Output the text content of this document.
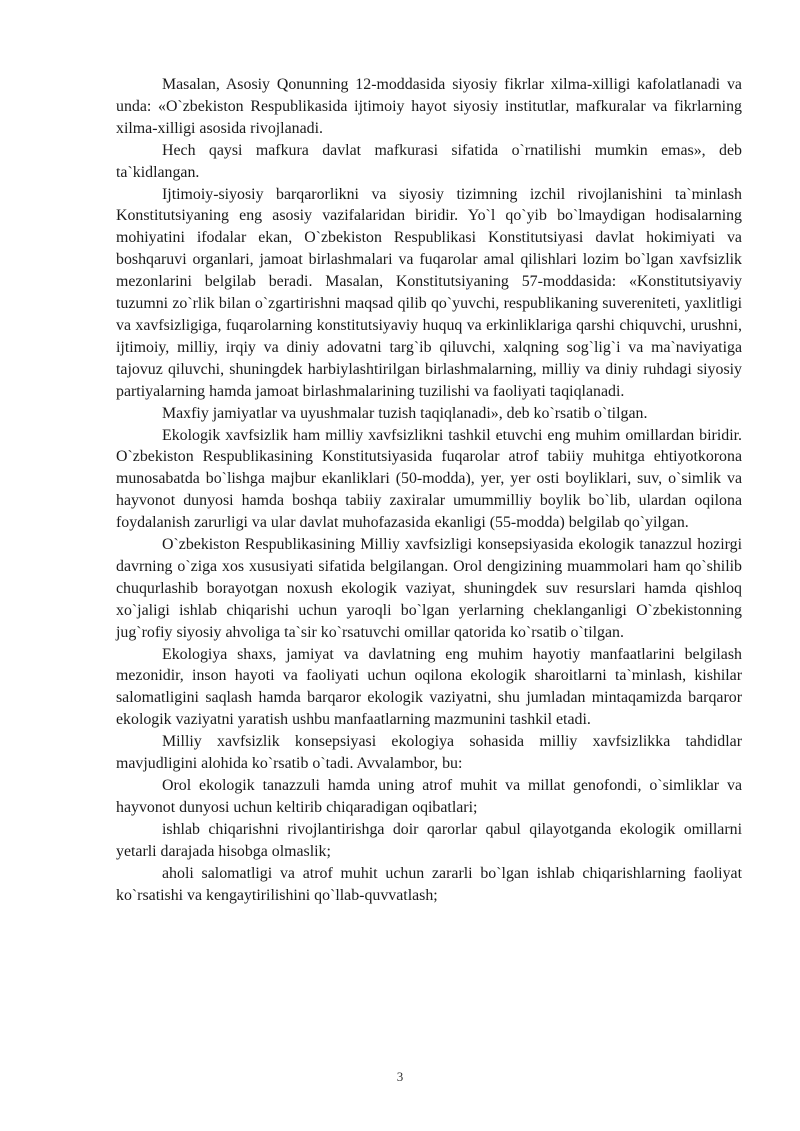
Masalan, Asosiy Qonunning 12-moddasida siyosiy fikrlar xilma-xilligi kafolatlanadi va unda: «O`zbekiston Respublikasida ijtimoiy hayot siyosiy institutlar, mafkuralar va fikrlarning xilma-xilligi asosida rivojlanadi.

Hech qaysi mafkura davlat mafkurasi sifatida o`rnatilishi mumkin emas», deb ta`kidlangan.

Ijtimoiy-siyosiy barqarorlikni va siyosiy tizimning izchil rivojlanishini ta`minlash Konstitutsiyaning eng asosiy vazifalaridan biridir. Yo`l qo`yib bo`lmaydigan hodisalarning mohiyatini ifodalar ekan, O`zbekiston Respublikasi Konstitutsiyasi davlat hokimiyati va boshqaruvi organlari, jamoat birlashmalari va fuqarolar amal qilishlari lozim bo`lgan xavfsizlik mezonlarini belgilab beradi. Masalan, Konstitutsiyaning 57-moddasida: «Konstitutsiyaviy tuzumni zo`rlik bilan o`zgartirishni maqsad qilib qo`yuvchi, respublikaning suvereniteti, yaxlitligi va xavfsizligiga, fuqarolarning konstitutsiyaviy huquq va erkinliklariga qarshi chiquvchi, urushni, ijtimoiy, milliy, irqiy va diniy adovatni targ`ib qiluvchi, xalqning sog`lig`i va ma`naviyatiga tajovuz qiluvchi, shuningdek harbiylashtirilgan birlashmalarning, milliy va diniy ruhdagi siyosiy partiyalarning hamda jamoat birlashmalarining tuzilishi va faoliyati taqiqlanadi.

Maxfiy jamiyatlar va uyushmalar tuzish taqiqlanadi», deb ko`rsatib o`tilgan.

Ekologik xavfsizlik ham milliy xavfsizlikni tashkil etuvchi eng muhim omillardan biridir. O`zbekiston Respublikasining Konstitutsiyasida fuqarolar atrof tabiiy muhitga ehtiyotkorona munosabatda bo`lishga majbur ekanliklari (50-modda), yer, yer osti boyliklari, suv, o`simlik va hayvonot dunyosi hamda boshqa tabiiy zaxiralar umummilliy boylik bo`lib, ulardan oqilona foydalanish zarurligi va ular davlat muhofazasida ekanligi (55-modda) belgilab qo`yilgan.

O`zbekiston Respublikasining Milliy xavfsizligi konsepsiyasida ekologik tanazzul hozirgi davrning o`ziga xos xususiyati sifatida belgilangan. Orol dengizining muammolari ham qo`shilib chuqurlashib borayotgan noxush ekologik vaziyat, shuningdek suv resurslari hamda qishloq xo`jaligi ishlab chiqarishi uchun yaroqli bo`lgan yerlarning cheklanganligi O`zbekistonning jug`rofiy siyosiy ahvoliga ta`sir ko`rsatuvchi omillar qatorida ko`rsatib o`tilgan.

Ekologiya shaxs, jamiyat va davlatning eng muhim hayotiy manfaatlarini belgilash mezonidir, inson hayoti va faoliyati uchun oqilona ekologik sharoitlarni ta`minlash, kishilar salomatligini saqlash hamda barqaror ekologik vaziyatni, shu jumladan mintaqamizda barqaror ekologik vaziyatni yaratish ushbu manfaatlarning mazmunini tashkil etadi.

Milliy xavfsizlik konsepsiyasi ekologiya sohasida milliy xavfsizlikka tahdidlar mavjudligini alohida ko`rsatib o`tadi. Avvalambor, bu:

Orol ekologik tanazzuli hamda uning atrof muhit va millat genofondi, o`simliklar va hayvonot dunyosi uchun keltirib chiqaradigan oqibatlari;

ishlab chiqarishni rivojlantirishga doir qarorlar qabul qilayotganda ekologik omillarni yetarli darajada hisobga olmaslik;

aholi salomatligi va atrof muhit uchun zararli bo`lgan ishlab chiqarishlarning faoliyat ko`rsatishi va kengaytirilishini qo`llab-quvvatlash;

3
